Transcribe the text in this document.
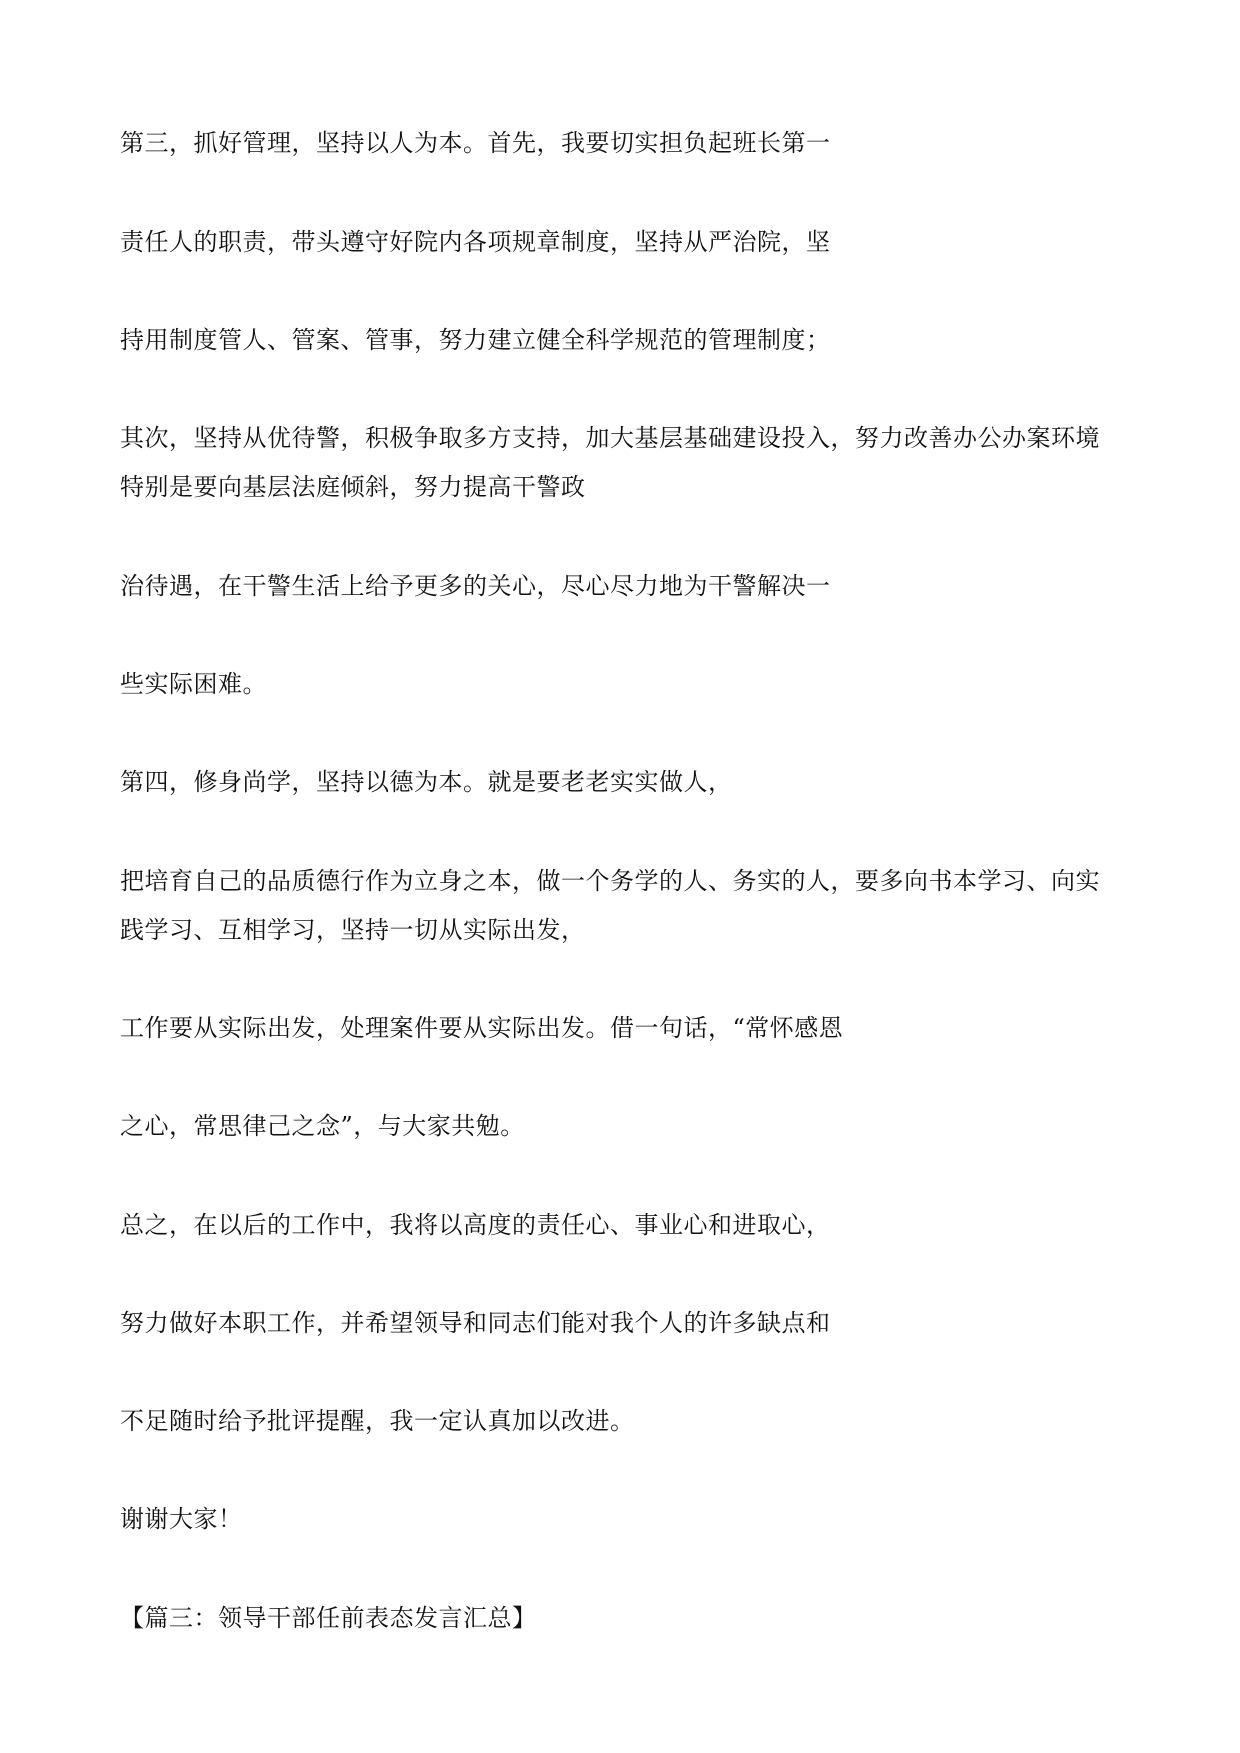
第三，抓好管理，坚持以人为本。首先，我要切实担负起班长第一
责任人的职责，带头遵守好院内各项规章制度，坚持从严治院，坚
持用制度管人、管案、管事，努力建立健全科学规范的管理制度；
其次，坚持从优待警，积极争取多方支持，加大基层基础建设投入，努力改善办公办案环境
特别是要向基层法庭倾斜，努力提高干警政
治待遇，在干警生活上给予更多的关心，尽心尽力地为干警解决一
些实际困难。
第四，修身尚学，坚持以德为本。就是要老老实实做人，
把培育自己的品质德行作为立身之本，做一个务学的人、务实的人，要多向书本学习、向实
践学习、互相学习，坚持一切从实际出发，
工作要从实际出发，处理案件要从实际出发。借一句话，“常怀感恩
之心，常思律己之念”，与大家共勉。
总之，在以后的工作中，我将以高度的责任心、事业心和进取心，
努力做好本职工作，并希望领导和同志们能对我个人的许多缺点和
不足随时给予批评提醒，我一定认真加以改进。
谢谢大家！
【篇三：领导干部任前表态发言汇总】
